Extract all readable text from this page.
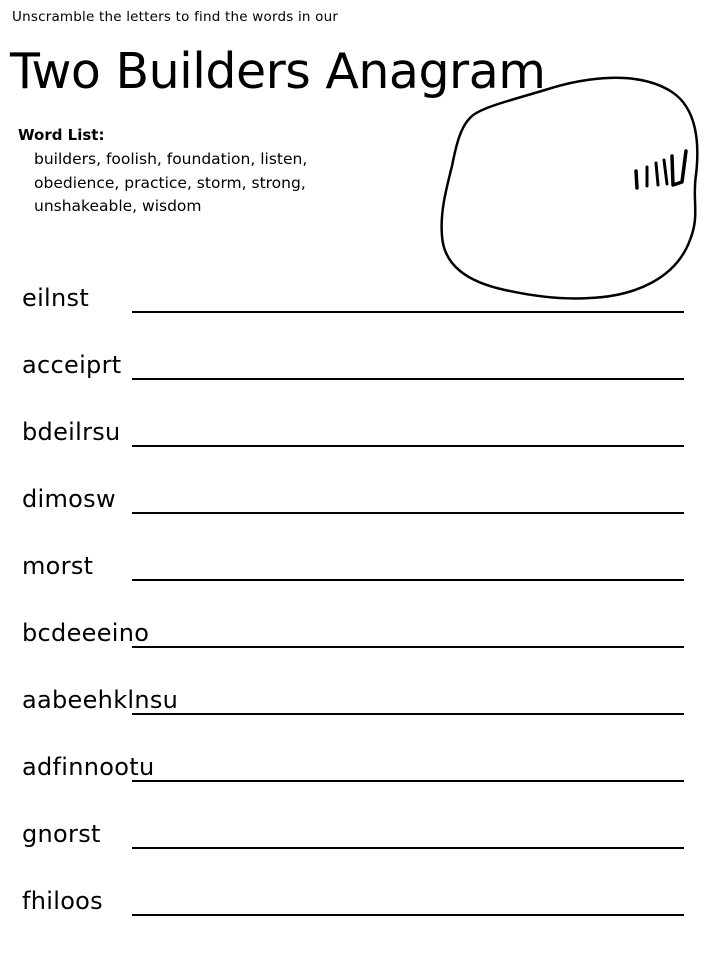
Unscramble the letters to find the words in our
Two Builders Anagram
Word List:
builders, foolish, foundation, listen,
obedience, practice, storm, strong,
unshakeable, wisdom
eilnst
acceiprt
bdeilrsu
dimosw
morst
bcdeeeino
aabeehklnsu
adfinnootu
gnorst
fhiloos
